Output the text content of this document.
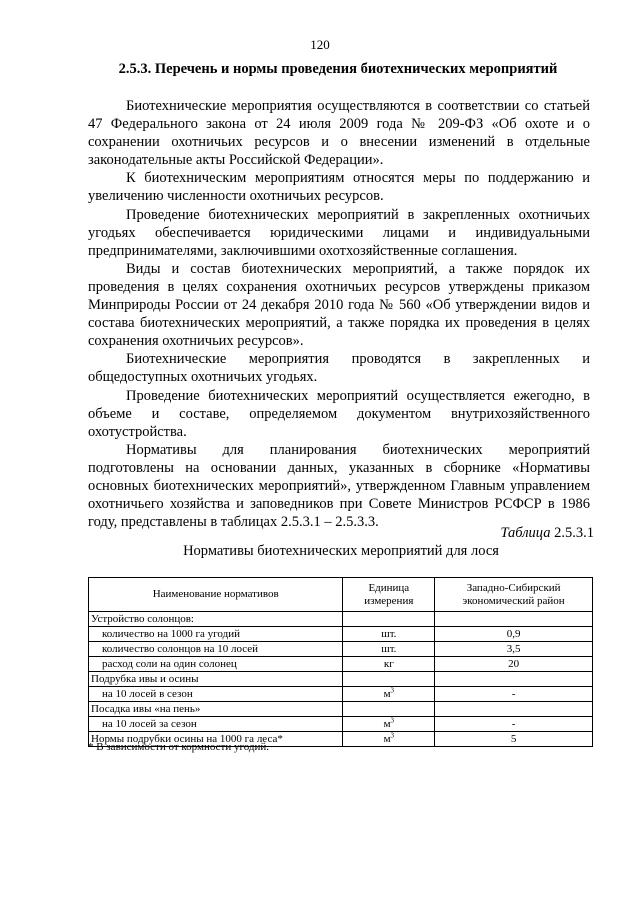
120
2.5.3. Перечень и нормы проведения биотехнических мероприятий

Биотехнические мероприятия осуществляются в соответствии со статьей 47 Федерального закона от 24 июля 2009 года № 209-ФЗ «Об охоте и о сохранении охотничьих ресурсов и о внесении изменений в отдельные законодательные акты Российской Федерации».

К биотехническим мероприятиям относятся меры по поддержанию и увеличению численности охотничьих ресурсов.

Проведение биотехнических мероприятий в закрепленных охотничьих угодьях обеспечивается юридическими лицами и индивидуальными предпринимателями, заключившими охотхозяйственные соглашения.

Виды и состав биотехнических мероприятий, а также порядок их проведения в целях сохранения охотничьих ресурсов утверждены приказом Минприроды России от 24 декабря 2010 года № 560 «Об утверждении видов и состава биотехнических мероприятий, а также порядка их проведения в целях сохранения охотничьих ресурсов».

Биотехнические мероприятия проводятся в закрепленных и общедоступных охотничьих угодьях.

Проведение биотехнических мероприятий осуществляется ежегодно, в объеме и составе, определяемом документом внутрихозяйственного охотустройства.

Нормативы для планирования биотехнических мероприятий подготовлены на основании данных, указанных в сборнике «Нормативы основных биотехнических мероприятий», утвержденном Главным управлением охотничьего хозяйства и заповедников при Совете Министров РСФСР в 1986 году, представлены в таблицах 2.5.3.1 – 2.5.3.3.

Таблица 2.5.3.1
Нормативы биотехнических мероприятий для лося
Наименование нормативов	Единица измерения	Западно-Сибирский экономический район
Устройство солонцов:		
количество на 1000 га угодий	шт.	0,9
количество солонцов на 10 лосей	шт.	3,5
расход соли на один солонец	кг	20
Подрубка ивы и осины		
на 10 лосей в сезон	$м^3$	-
Посадка ивы «на пень»		
на 10 лосей за сезон	$м^3$	-
Нормы подрубки осины на 1000 га леса*	$м^3$	5
* В зависимости от кормности угодий.
